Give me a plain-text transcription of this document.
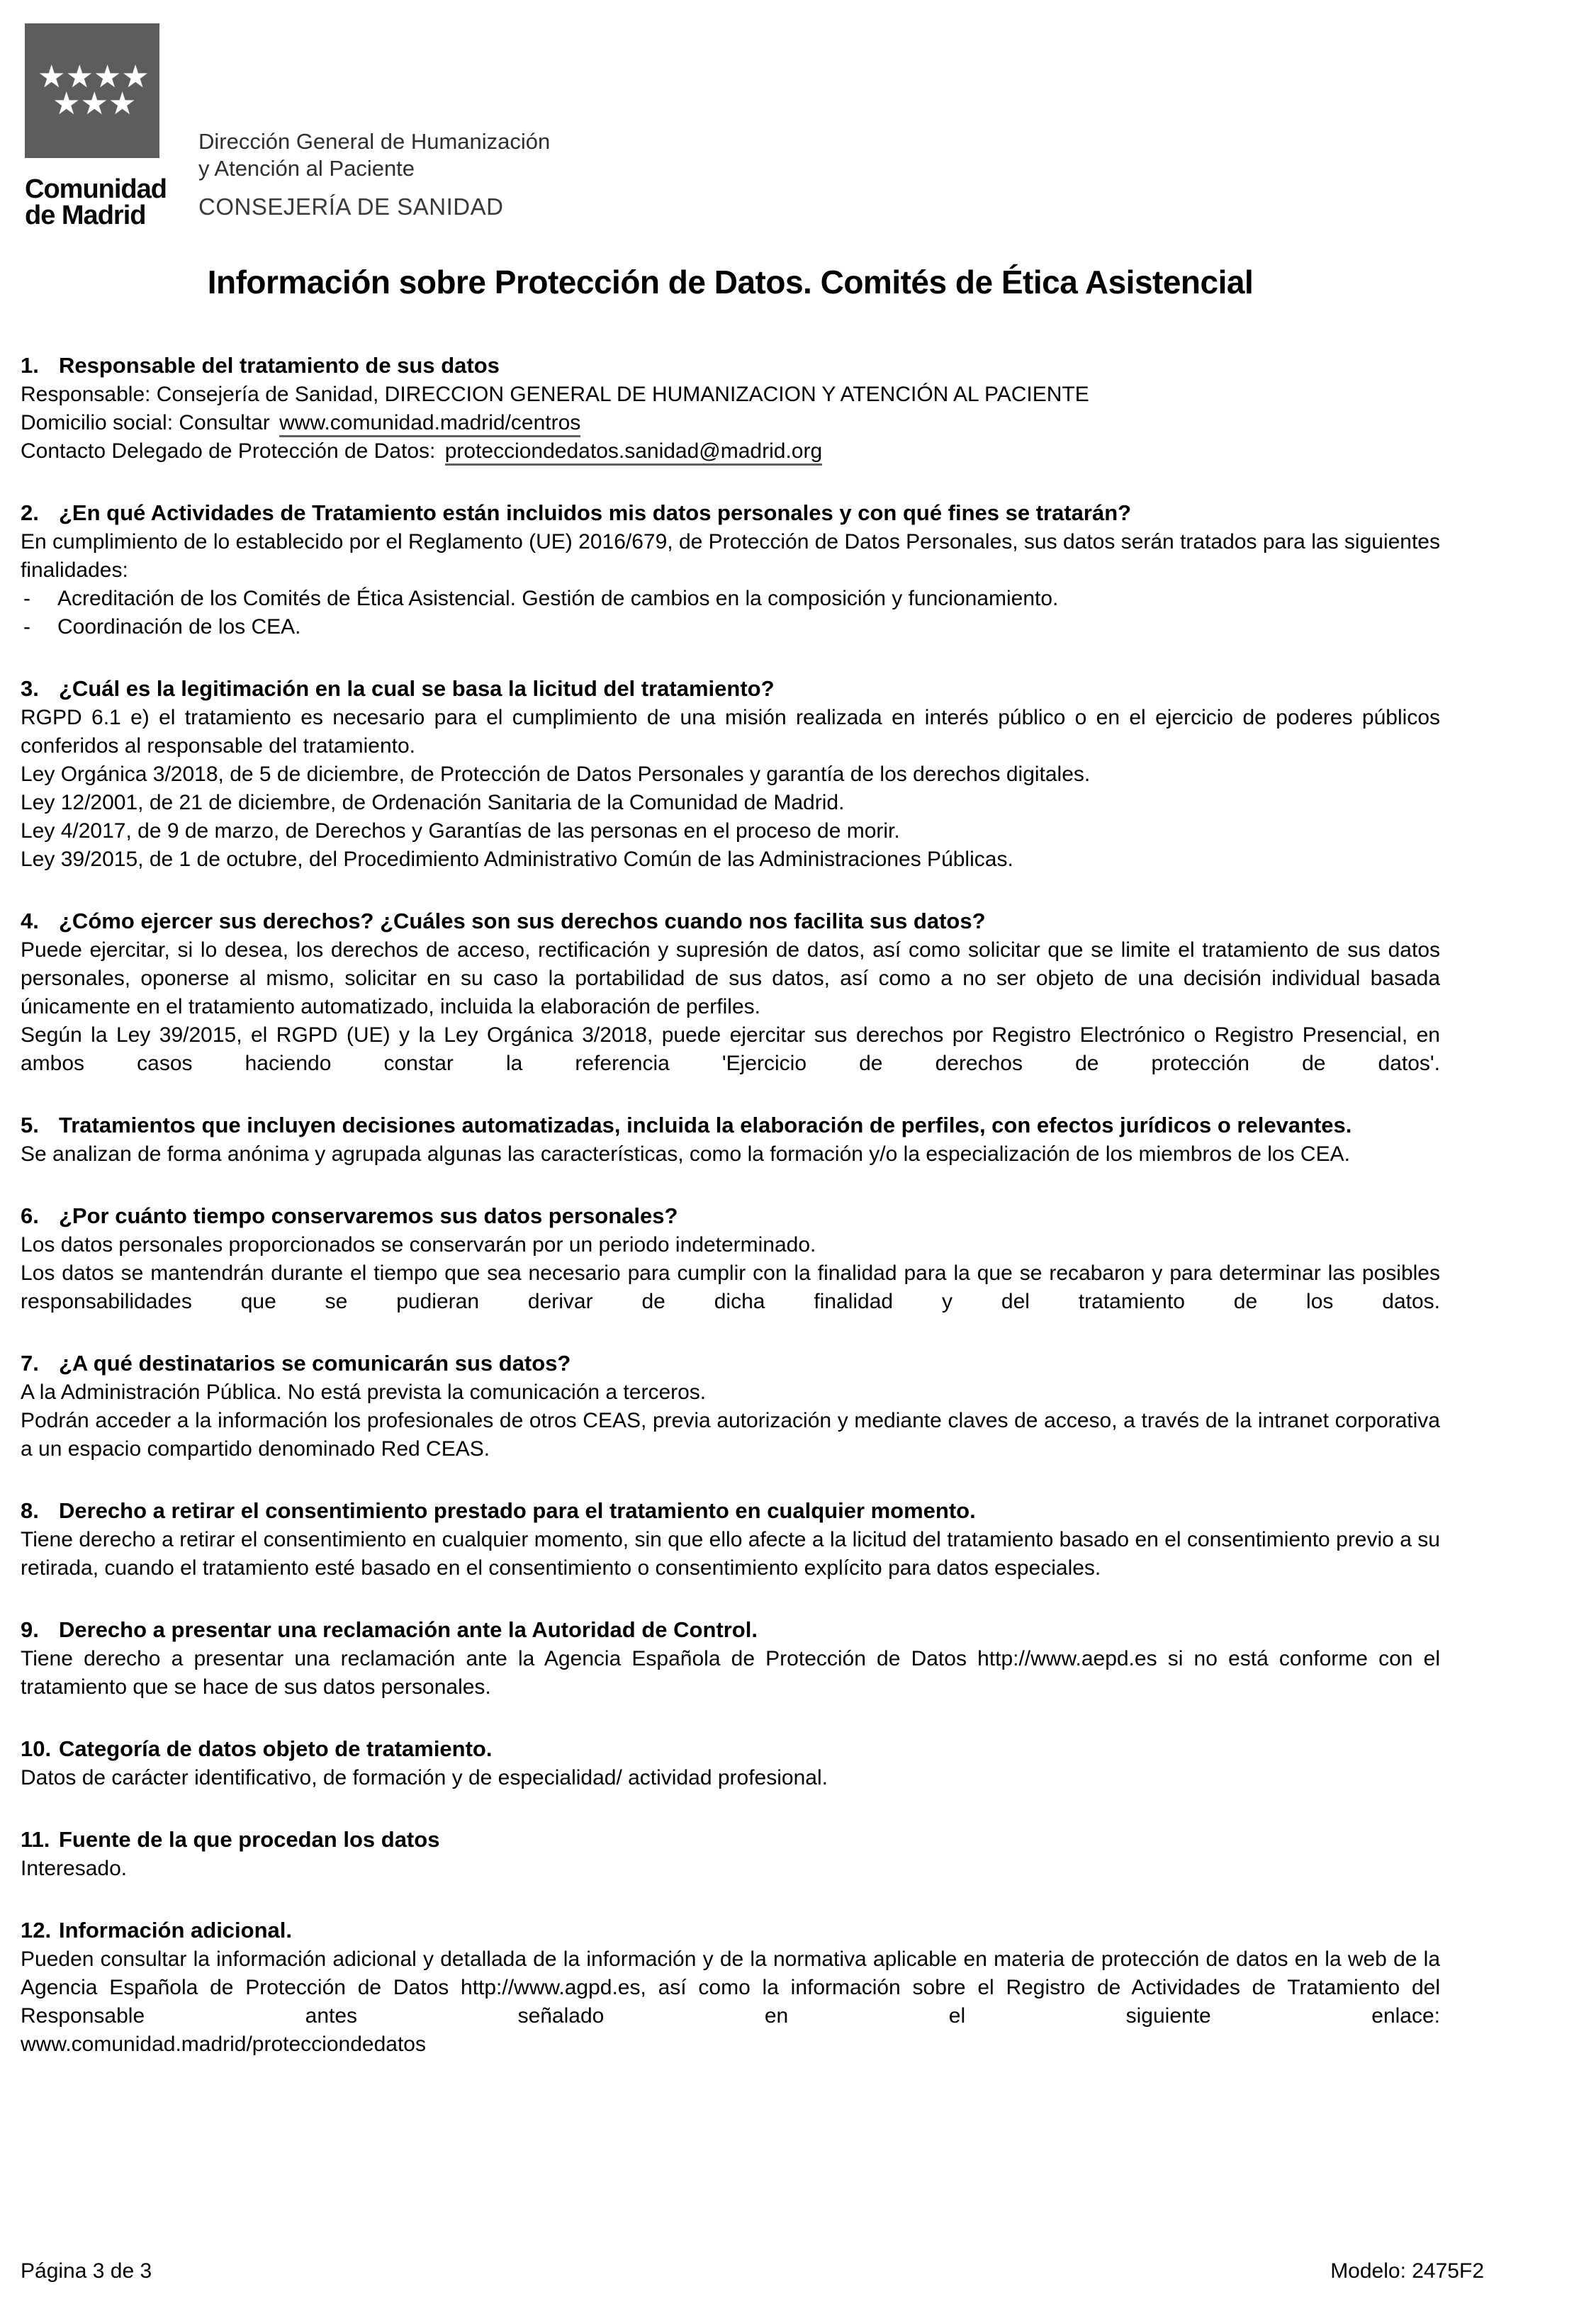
★★★★
★★★
Comunidad
de Madrid
Dirección General de Humanización
y Atención al Paciente
CONSEJERÍA DE SANIDAD
Información sobre Protección de Datos. Comités de Ética Asistencial
1. Responsable del tratamiento de sus datos
Responsable: Consejería de Sanidad, DIRECCION GENERAL DE HUMANIZACION Y ATENCIÓN AL PACIENTE
Domicilio social: Consultar www.comunidad.madrid/centros
Contacto Delegado de Protección de Datos: protecciondedatos.sanidad@madrid.org
2. ¿En qué Actividades de Tratamiento están incluidos mis datos personales y con qué fines se tratarán?
En cumplimiento de lo establecido por el Reglamento (UE) 2016/679, de Protección de Datos Personales, sus datos serán tratados para las siguientes finalidades:
-	Acreditación de los Comités de Ética Asistencial. Gestión de cambios en la composición y funcionamiento.
-	Coordinación de los CEA.
3. ¿Cuál es la legitimación en la cual se basa la licitud del tratamiento?
RGPD 6.1 e) el tratamiento es necesario para el cumplimiento de una misión realizada en interés público o en el ejercicio de poderes públicos conferidos al responsable del tratamiento.
Ley Orgánica 3/2018, de 5 de diciembre, de Protección de Datos Personales y garantía de los derechos digitales.
Ley 12/2001, de 21 de diciembre, de Ordenación Sanitaria de la Comunidad de Madrid.
Ley 4/2017, de 9 de marzo, de Derechos y Garantías de las personas en el proceso de morir.
Ley 39/2015, de 1 de octubre, del Procedimiento Administrativo Común de las Administraciones Públicas.
4. ¿Cómo ejercer sus derechos? ¿Cuáles son sus derechos cuando nos facilita sus datos?
Puede ejercitar, si lo desea, los derechos de acceso, rectificación y supresión de datos, así como solicitar que se limite el tratamiento de sus datos personales, oponerse al mismo, solicitar en su caso la portabilidad de sus datos, así como a no ser objeto de una decisión individual basada únicamente en el tratamiento automatizado, incluida la elaboración de perfiles.
Según la Ley 39/2015, el RGPD (UE) y la Ley Orgánica 3/2018, puede ejercitar sus derechos por Registro Electrónico o Registro Presencial, en ambos casos haciendo constar la referencia 'Ejercicio de derechos de protección de datos'.
5. Tratamientos que incluyen decisiones automatizadas, incluida la elaboración de perfiles, con efectos jurídicos o relevantes.
Se analizan de forma anónima y agrupada algunas las características, como la formación y/o la especialización de los miembros de los CEA.
6. ¿Por cuánto tiempo conservaremos sus datos personales?
Los datos personales proporcionados se conservarán por un periodo indeterminado.
Los datos se mantendrán durante el tiempo que sea necesario para cumplir con la finalidad para la que se recabaron y para determinar las posibles responsabilidades que se pudieran derivar de dicha finalidad y del tratamiento de los datos.
7. ¿A qué destinatarios se comunicarán sus datos?
A la Administración Pública. No está prevista la comunicación a terceros.
Podrán acceder a la información los profesionales de otros CEAS, previa autorización y mediante claves de acceso, a través de la intranet corporativa a un espacio compartido denominado Red CEAS.
8. Derecho a retirar el consentimiento prestado para el tratamiento en cualquier momento.
Tiene derecho a retirar el consentimiento en cualquier momento, sin que ello afecte a la licitud del tratamiento basado en el consentimiento previo a su retirada, cuando el tratamiento esté basado en el consentimiento o consentimiento explícito para datos especiales.
9. Derecho a presentar una reclamación ante la Autoridad de Control.
Tiene derecho a presentar una reclamación ante la Agencia Española de Protección de Datos http://www.aepd.es si no está conforme con el tratamiento que se hace de sus datos personales.
10. Categoría de datos objeto de tratamiento.
Datos de carácter identificativo, de formación y de especialidad/ actividad profesional.
11. Fuente de la que procedan los datos
Interesado.
12. Información adicional.
Pueden consultar la información adicional y detallada de la información y de la normativa aplicable en materia de protección de datos en la web de la Agencia Española de Protección de Datos http://www.agpd.es, así como la información sobre el Registro de Actividades de Tratamiento del Responsable antes señalado en el siguiente enlace:
www.comunidad.madrid/protecciondedatos
Página 3 de 3	Modelo: 2475F2
